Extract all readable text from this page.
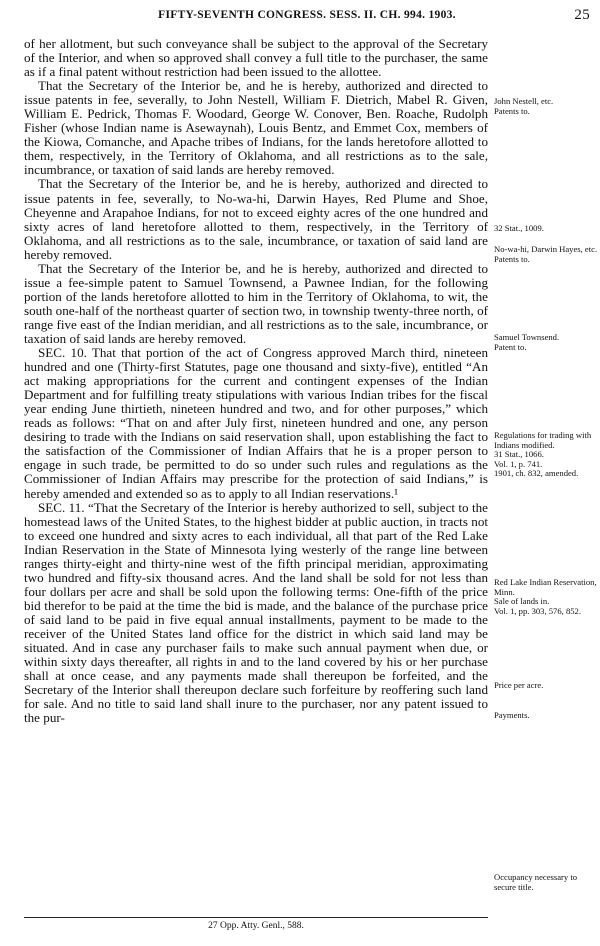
FIFTY-SEVENTH CONGRESS. SESS. II. CH. 994. 1903.	25

of her allotment, but such conveyance shall be subject to the approval of the Secretary of the Interior, and when so approved shall convey a full title to the purchaser, the same as if a final patent without restriction had been issued to the allottee.

That the Secretary of the Interior be, and he is hereby, authorized and directed to issue patents in fee, severally, to John Nestell, William F. Dietrich, Mabel R. Given, William E. Pedrick, Thomas F. Woodard, George W. Conover, Ben. Roache, Rudolph Fisher (whose Indian name is Asewaynah), Louis Bentz, and Emmet Cox, members of the Kiowa, Comanche, and Apache tribes of Indians, for the lands heretofore allotted to them, respectively, in the Territory of Oklahoma, and all restrictions as to the sale, incumbrance, or taxation of said lands are hereby removed.

That the Secretary of the Interior be, and he is hereby, authorized and directed to issue patents in fee, severally, to No-wa-hi, Darwin Hayes, Red Plume and Shoe, Cheyenne and Arapahoe Indians, for not to exceed eighty acres of the one hundred and sixty acres of land heretofore allotted to them, respectively, in the Territory of Oklahoma, and all restrictions as to the sale, incumbrance, or taxation of said land are hereby removed.

That the Secretary of the Interior be, and he is hereby, authorized and directed to issue a fee-simple patent to Samuel Townsend, a Pawnee Indian, for the following portion of the lands heretofore allotted to him in the Territory of Oklahoma, to wit, the south one-half of the northeast quarter of section two, in township twenty-three north, of range five east of the Indian meridian, and all restrictions as to the sale, incumbrance, or taxation of said lands are hereby removed.

SEC. 10. That that portion of the act of Congress approved March third, nineteen hundred and one (Thirty-first Statutes, page one thousand and sixty-five), entitled “An act making appropriations for the current and contingent expenses of the Indian Department and for fulfilling treaty stipulations with various Indian tribes for the fiscal year ending June thirtieth, nineteen hundred and two, and for other purposes,” which reads as follows: “That on and after July first, nineteen hundred and one, any person desiring to trade with the Indians on said reservation shall, upon establishing the fact to the satisfaction of the Commissioner of Indian Affairs that he is a proper person to engage in such trade, be permitted to do so under such rules and regulations as the Commissioner of Indian Affairs may prescribe for the protection of said Indians,” is hereby amended and extended so as to apply to all Indian reservations.¹

SEC. 11. “That the Secretary of the Interior is hereby authorized to sell, subject to the homestead laws of the United States, to the highest bidder at public auction, in tracts not to exceed one hundred and sixty acres to each individual, all that part of the Red Lake Indian Reservation in the State of Minnesota lying westerly of the range line between ranges thirty-eight and thirty-nine west of the fifth principal meridian, approximating two hundred and fifty-six thousand acres. And the land shall be sold for not less than four dollars per acre and shall be sold upon the following terms: One-fifth of the price bid therefor to be paid at the time the bid is made, and the balance of the purchase price of said land to be paid in five equal annual installments, payment to be made to the receiver of the United States land office for the district in which said land may be situated. And in case any purchaser fails to make such annual payment when due, or within sixty days thereafter, all rights in and to the land covered by his or her purchase shall at once cease, and any payments made shall thereupon be forfeited, and the Secretary of the Interior shall thereupon declare such forfeiture by reoffering such land for sale. And no title to said land shall inure to the purchaser, nor any patent issued to the pur-

John Nestell, etc.
Patents to.
32 Stat., 1009.
No-wa-hi, Darwin Hayes, etc.
Patents to.
Samuel Townsend.
Patent to.
Regulations for trading with Indians modified.
31 Stat., 1066.
Vol. 1, p. 741.
1901, ch. 832, amended.
Red Lake Indian Reservation, Minn.
Sale of lands in.
Vol. 1, pp. 303, 576, 852.
Price per acre.
Payments.
Occupancy necessary to secure title.
27 Opp. Atty. Genl., 588.
